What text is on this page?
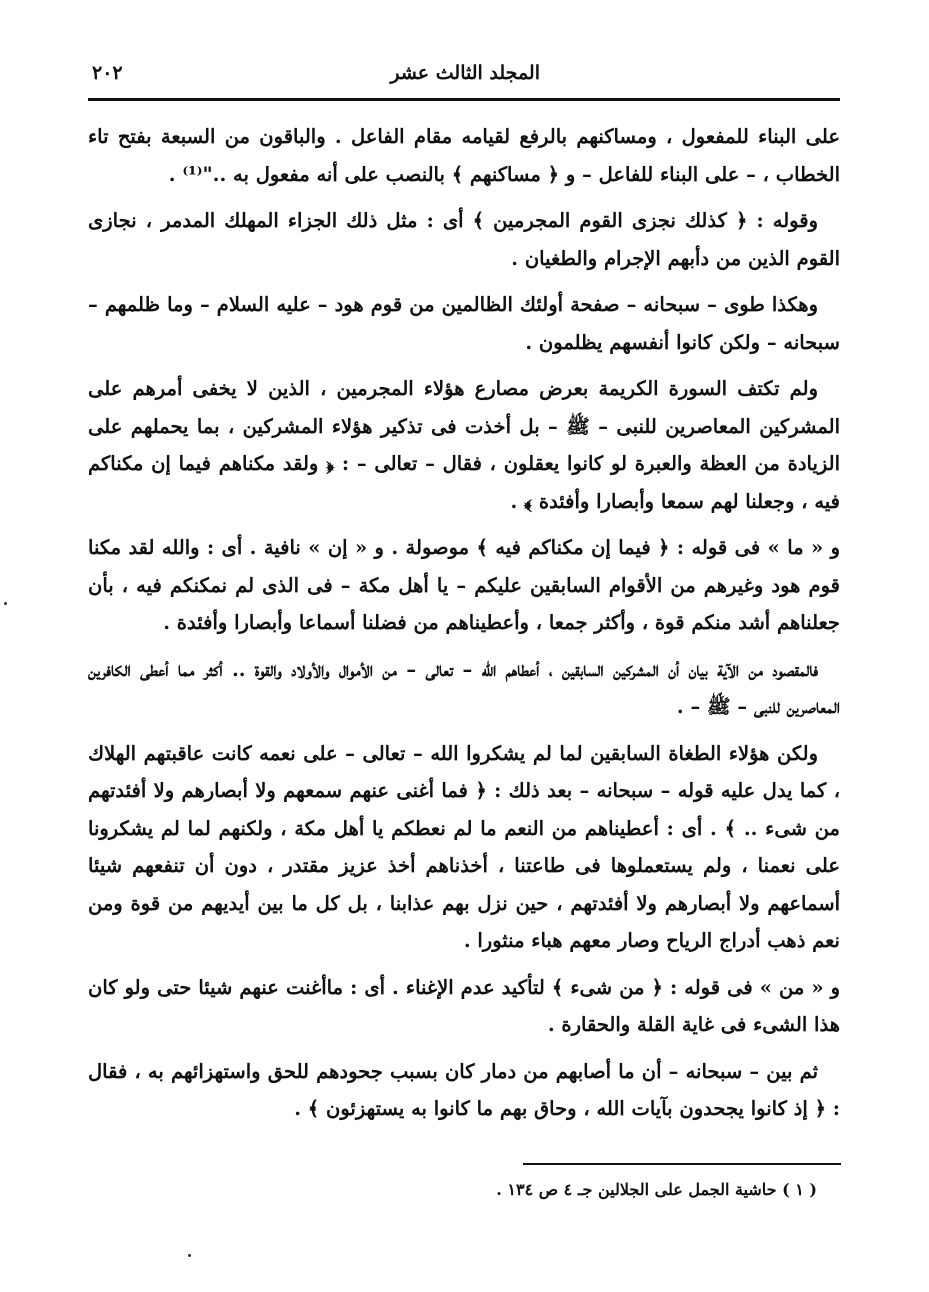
المجلد الثالث عشر
٢٠٢

على البناء للمفعول ، ومساكنهم بالرفع لقيامه مقام الفاعل . والباقون من السبعة بفتح تاء الخطاب ، – على البناء للفاعل – و ﴿ مساكنهم ﴾ بالنصب على أنه مفعول به .."⁽¹⁾ .

وقوله : ﴿ كذلك نجزى القوم المجرمين ﴾ أى : مثل ذلك الجزاء المهلك المدمر ، نجازى القوم الذين من دأبهم الإجرام والطغيان .

وهكذا طوى – سبحانه – صفحة أولئك الظالمين من قوم هود – عليه السلام – وما ظلمهم – سبحانه – ولكن كانوا أنفسهم يظلمون .

ولم تكتف السورة الكريمة بعرض مصارع هؤلاء المجرمين ، الذين لا يخفى أمرهم على المشركين المعاصرين للنبى – ﷺ – بل أخذت فى تذكير هؤلاء المشركين ، بما يحملهم على الزيادة من العظة والعبرة لو كانوا يعقلون ، فقال – تعالى – : ﴿ ولقد مكناهم فيما إن مكناكم فيه ، وجعلنا لهم سمعا وأبصارا وأفئدة ﴾ .

و « ما » فى قوله : ﴿ فيما إن مكناكم فيه ﴾ موصولة . و « إن » نافية . أى : والله لقد مكنا قوم هود وغيرهم من الأقوام السابقين عليكم – يا أهل مكة – فى الذى لم نمكنكم فيه ، بأن جعلناهم أشد منكم قوة ، وأكثر جمعا ، وأعطيناهم من فضلنا أسماعا وأبصارا وأفئدة .

فالمقصود من الآية بيان أن المشركين السابقين ، أعطاهم الله – تعالى – من الأموال والأولاد والقوة .. أكثر مما أعطى الكافرين المعاصرين للنبى – ﷺ – .

ولكن هؤلاء الطغاة السابقين لما لم يشكروا الله – تعالى – على نعمه كانت عاقبتهم الهلاك ، كما يدل عليه قوله – سبحانه – بعد ذلك : ﴿ فما أغنى عنهم سمعهم ولا أبصارهم ولا أفئدتهم من شىء .. ﴾ . أى : أعطيناهم من النعم ما لم نعطكم يا أهل مكة ، ولكنهم لما لم يشكرونا على نعمنا ، ولم يستعملوها فى طاعتنا ، أخذناهم أخذ عزيز مقتدر ، دون أن تنفعهم شيئا أسماعهم ولا أبصارهم ولا أفئدتهم ، حين نزل بهم عذابنا ، بل كل ما بين أيديهم من قوة ومن نعم ذهب أدراج الرياح وصار معهم هباء منثورا .

و « من » فى قوله : ﴿ من شىء ﴾ لتأكيد عدم الإغناء . أى : ماأغنت عنهم شيئا حتى ولو كان هذا الشىء فى غاية القلة والحقارة .

ثم بين – سبحانه – أن ما أصابهم من دمار كان بسبب جحودهم للحق واستهزائهم به ، فقال : ﴿ إذ كانوا يجحدون بآيات الله ، وحاق بهم ما كانوا به يستهزئون ﴾ .

( ١ ) حاشية الجمل على الجلالين جـ ٤ ص ١٣٤ .
